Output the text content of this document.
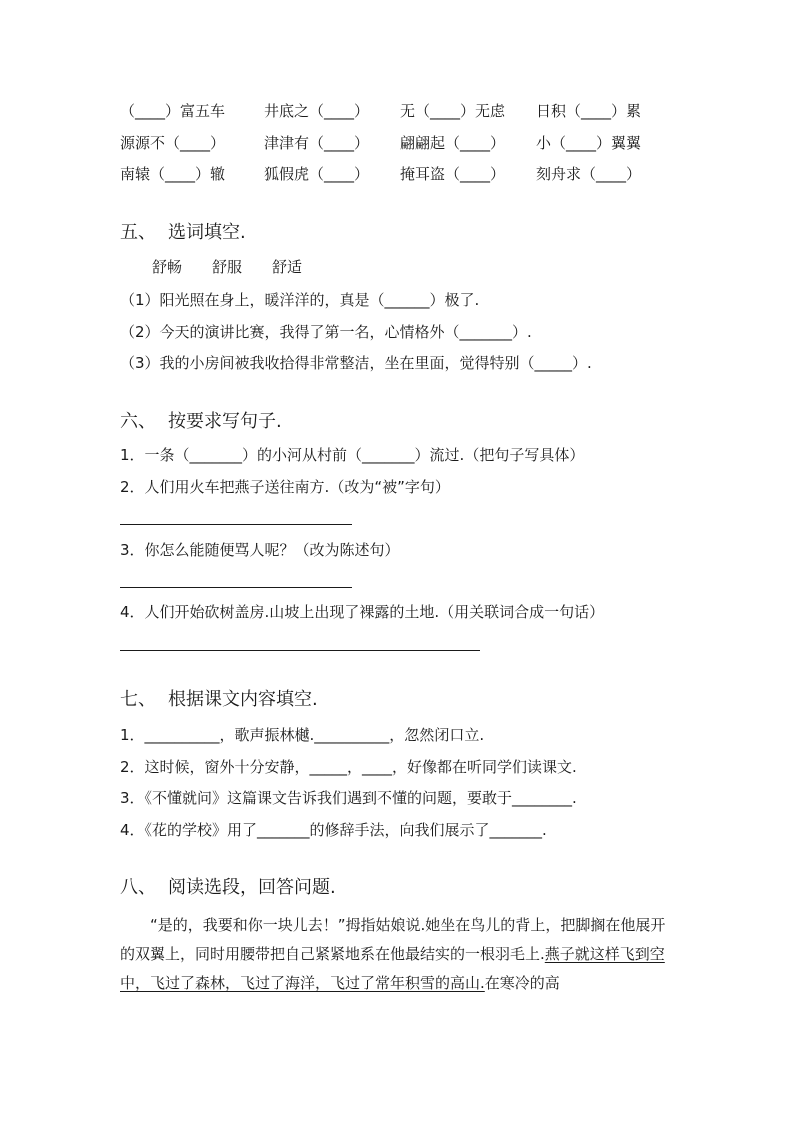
（____）富五车	井底之（____） 无（____）无虑 日积（____）累
源源不（____）	津津有（____） 翩翩起（____） 小（____）翼翼
南辕（____）辙	狐假虎（____） 掩耳盗（____） 刻舟求（____）
五、 选词填空.
舒畅 舒服 舒适
（1）阳光照在身上，暖洋洋的，真是（______）极了.
（2）今天的演讲比赛，我得了第一名，心情格外（_______）.
（3）我的小房间被我收拾得非常整洁，坐在里面，觉得特别（_____）.
六、 按要求写句子.
1．一条（_______）的小河从村前（_______）流过.（把句子写具体）
2．人们用火车把燕子送往南方.（改为“被”字句）
3．你怎么能随便骂人呢？（改为陈述句）
4．人们开始砍树盖房.山坡上出现了裸露的土地.（用关联词合成一句话）
七、 根据课文内容填空.
1．__________，歌声振林樾.__________，忽然闭口立.
2．这时候，窗外十分安静，_____，____，好像都在听同学们读课文.
3．《不懂就问》这篇课文告诉我们遇到不懂的问题，要敢于________.
4．《花的学校》用了_______的修辞手法，向我们展示了_______.
八、 阅读选段，回答问题.
“是的，我要和你一块儿去！”拇指姑娘说.她坐在鸟儿的背上，把脚搁在他展开的双翼上，同时用腰带把自己紧紧地系在他最结实的一根羽毛上.燕子就这样飞到空中，飞过了森林，飞过了海洋，飞过了常年积雪的高山.在寒冷的高
